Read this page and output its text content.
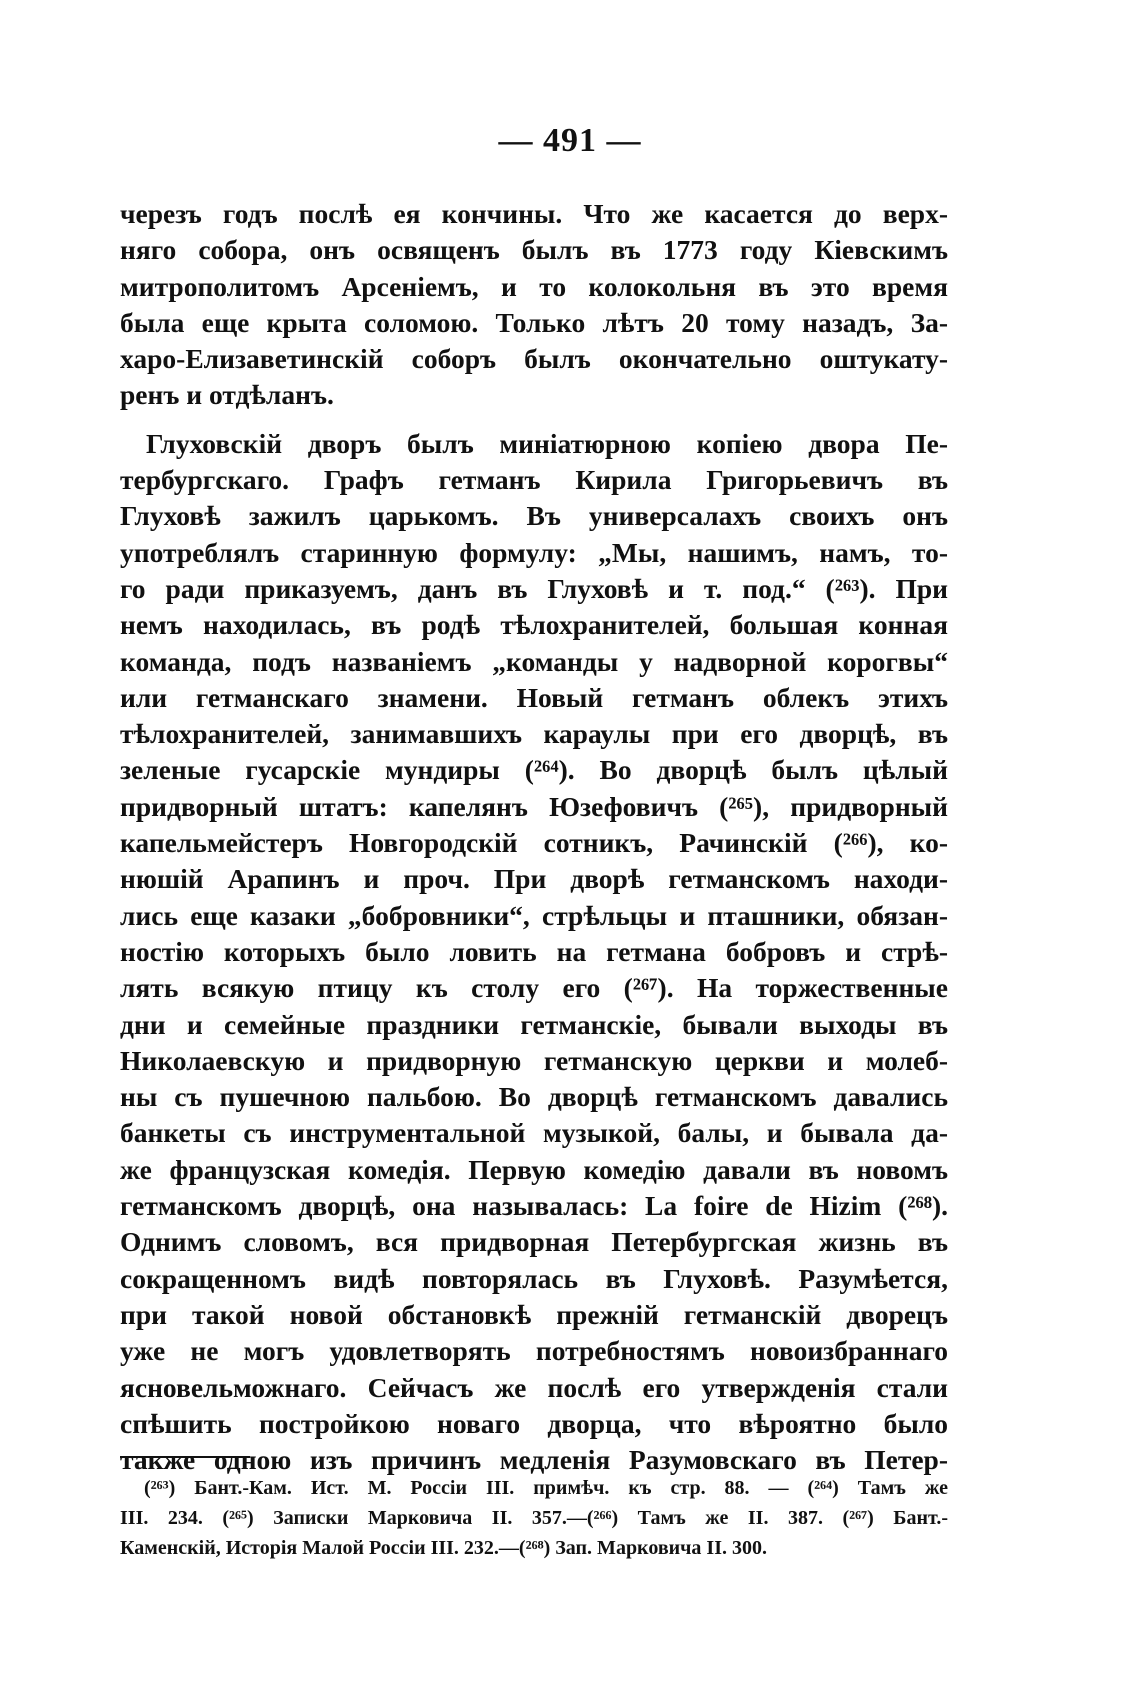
— 491 —
черезъ годъ послѣ ея кончины. Что же касается до верх-
няго собора, онъ освященъ былъ въ 1773 году Кіевскимъ
митрополитомъ Арсеніемъ, и то колокольня въ это время
была еще крыта соломою. Только лѣтъ 20 тому назадъ, За-
харо-Елизаветинскій соборъ былъ окончательно оштукату-
ренъ и отдѣланъ.
Глуховскій дворъ былъ миніатюрною копіею двора Пе-
тербургскаго. Графъ гетманъ Кирила Григорьевичъ въ
Глуховѣ зажилъ царькомъ. Въ универсалахъ своихъ онъ
употреблялъ старинную формулу: „Мы, нашимъ, намъ, то-
го ради приказуемъ, данъ въ Глуховѣ и т. под.“ (²⁶³). При
немъ находилась, въ родѣ тѣлохранителей, большая конная
команда, подъ названіемъ „команды у надворной корогвы“
или гетманскаго знамени. Новый гетманъ облекъ этихъ
тѣлохранителей, занимавшихъ караулы при его дворцѣ, въ
зеленые гусарскіе мундиры (²⁶⁴). Во дворцѣ былъ цѣлый
придворный штатъ: капелянъ Юзефовичъ (²⁶⁵), придворный
капельмейстеръ Новгородскій сотникъ, Рачинскій (²⁶⁶), ко-
нюшій Арапинъ и проч. При дворѣ гетманскомъ находи-
лись еще казаки „бобровники“, стрѣльцы и пташники, обязан-
ностію которыхъ было ловить на гетмана бобровъ и стрѣ-
лять всякую птицу къ столу его (²⁶⁷). На торжественные
дни и семейные праздники гетманскіе, бывали выходы въ
Николаевскую и придворную гетманскую церкви и молеб-
ны съ пушечною пальбою. Во дворцѣ гетманскомъ давались
банкеты съ инструментальной музыкой, балы, и бывала да-
же французская комедія. Первую комедію давали въ новомъ
гетманскомъ дворцѣ, она называлась: La foire de Hizim (²⁶⁸).
Однимъ словомъ, вся придворная Петербургская жизнь въ
сокращенномъ видѣ повторялась въ Глуховѣ. Разумѣется,
при такой новой обстановкѣ прежній гетманскій дворецъ
уже не могъ удовлетворять потребностямъ новоизбраннаго
ясновельможнаго. Сейчасъ же послѣ его утвержденія стали
спѣшить постройкою новаго дворца, что вѣроятно было
также одною изъ причинъ медленія Разумовскаго въ Петер-
(²⁶³) Бант.-Кам. Ист. М. Россіи III. примѣч. къ стр. 88. — (²⁶⁴) Тамъ же
III. 234. (²⁶⁵) Записки Марковича II. 357.—(²⁶⁶) Тамъ же II. 387. (²⁶⁷) Бант.-
Каменскій, Исторія Малой Россіи III. 232.—(²⁶⁸) Зап. Марковича II. 300.
